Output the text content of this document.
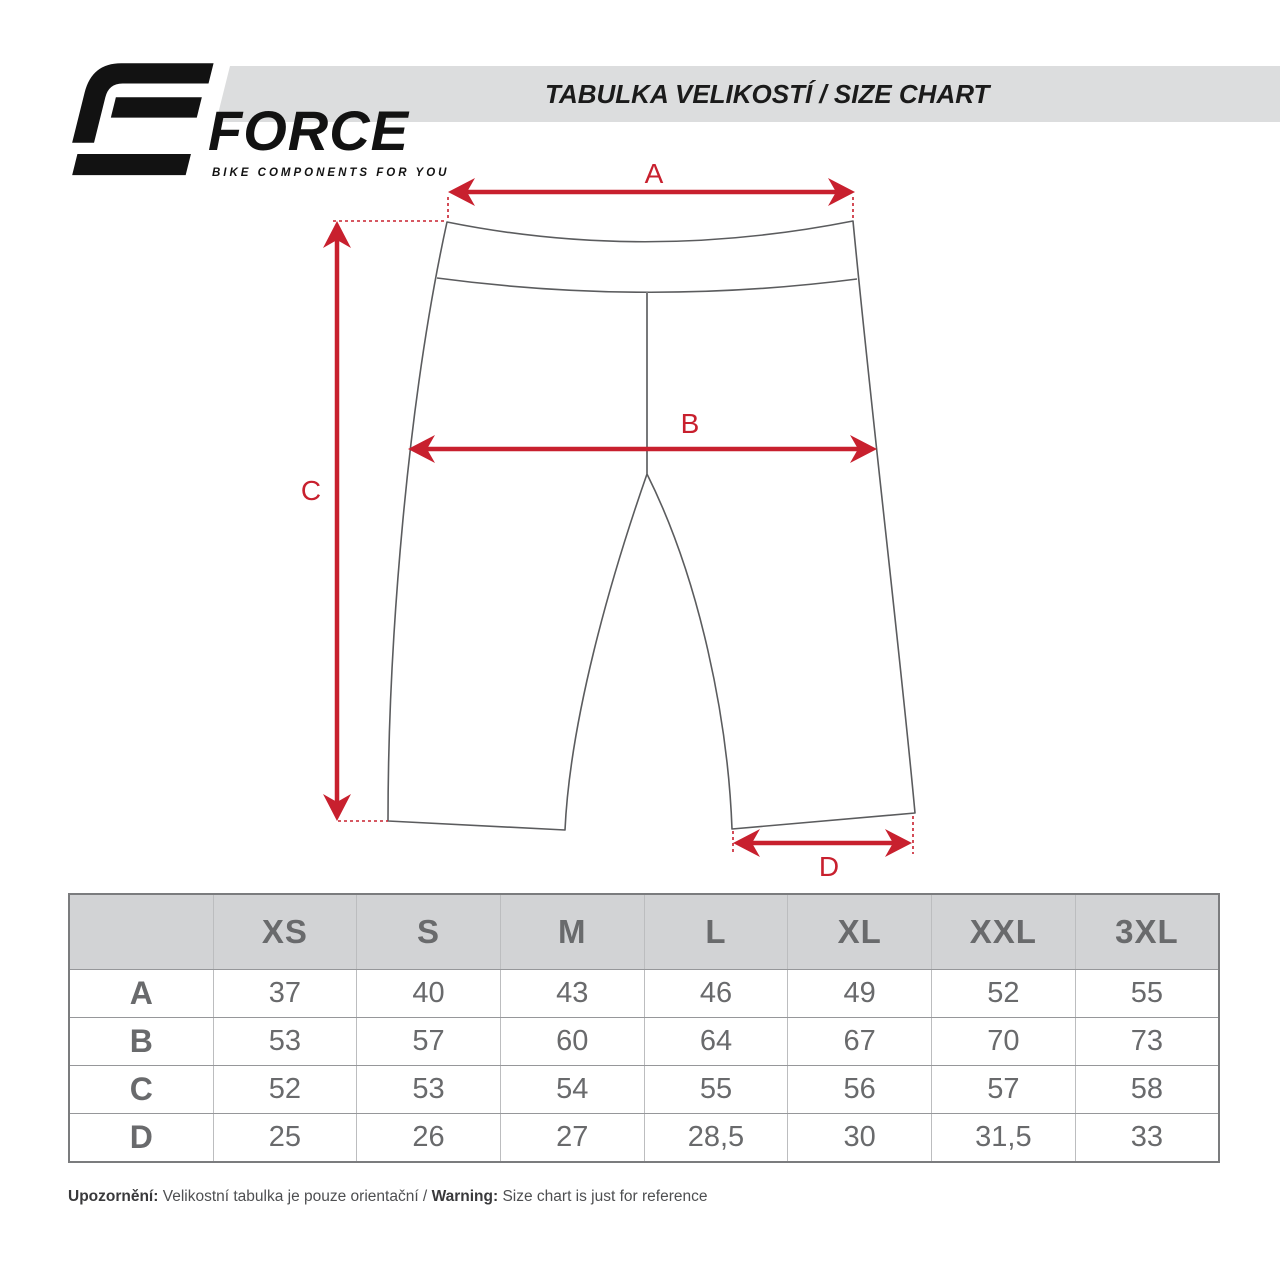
FORCE
BIKE COMPONENTS FOR YOU
TABULKA VELIKOSTÍ / SIZE CHART
A
C
B
D
	XS	S	M	L	XL	XXL	3XL
A	37	40	43	46	49	52	55
B	53	57	60	64	67	70	73
C	52	53	54	55	56	57	58
D	25	26	27	28,5	30	31,5	33

Upozornění: Velikostní tabulka je pouze orientační / Warning: Size chart is just for reference
